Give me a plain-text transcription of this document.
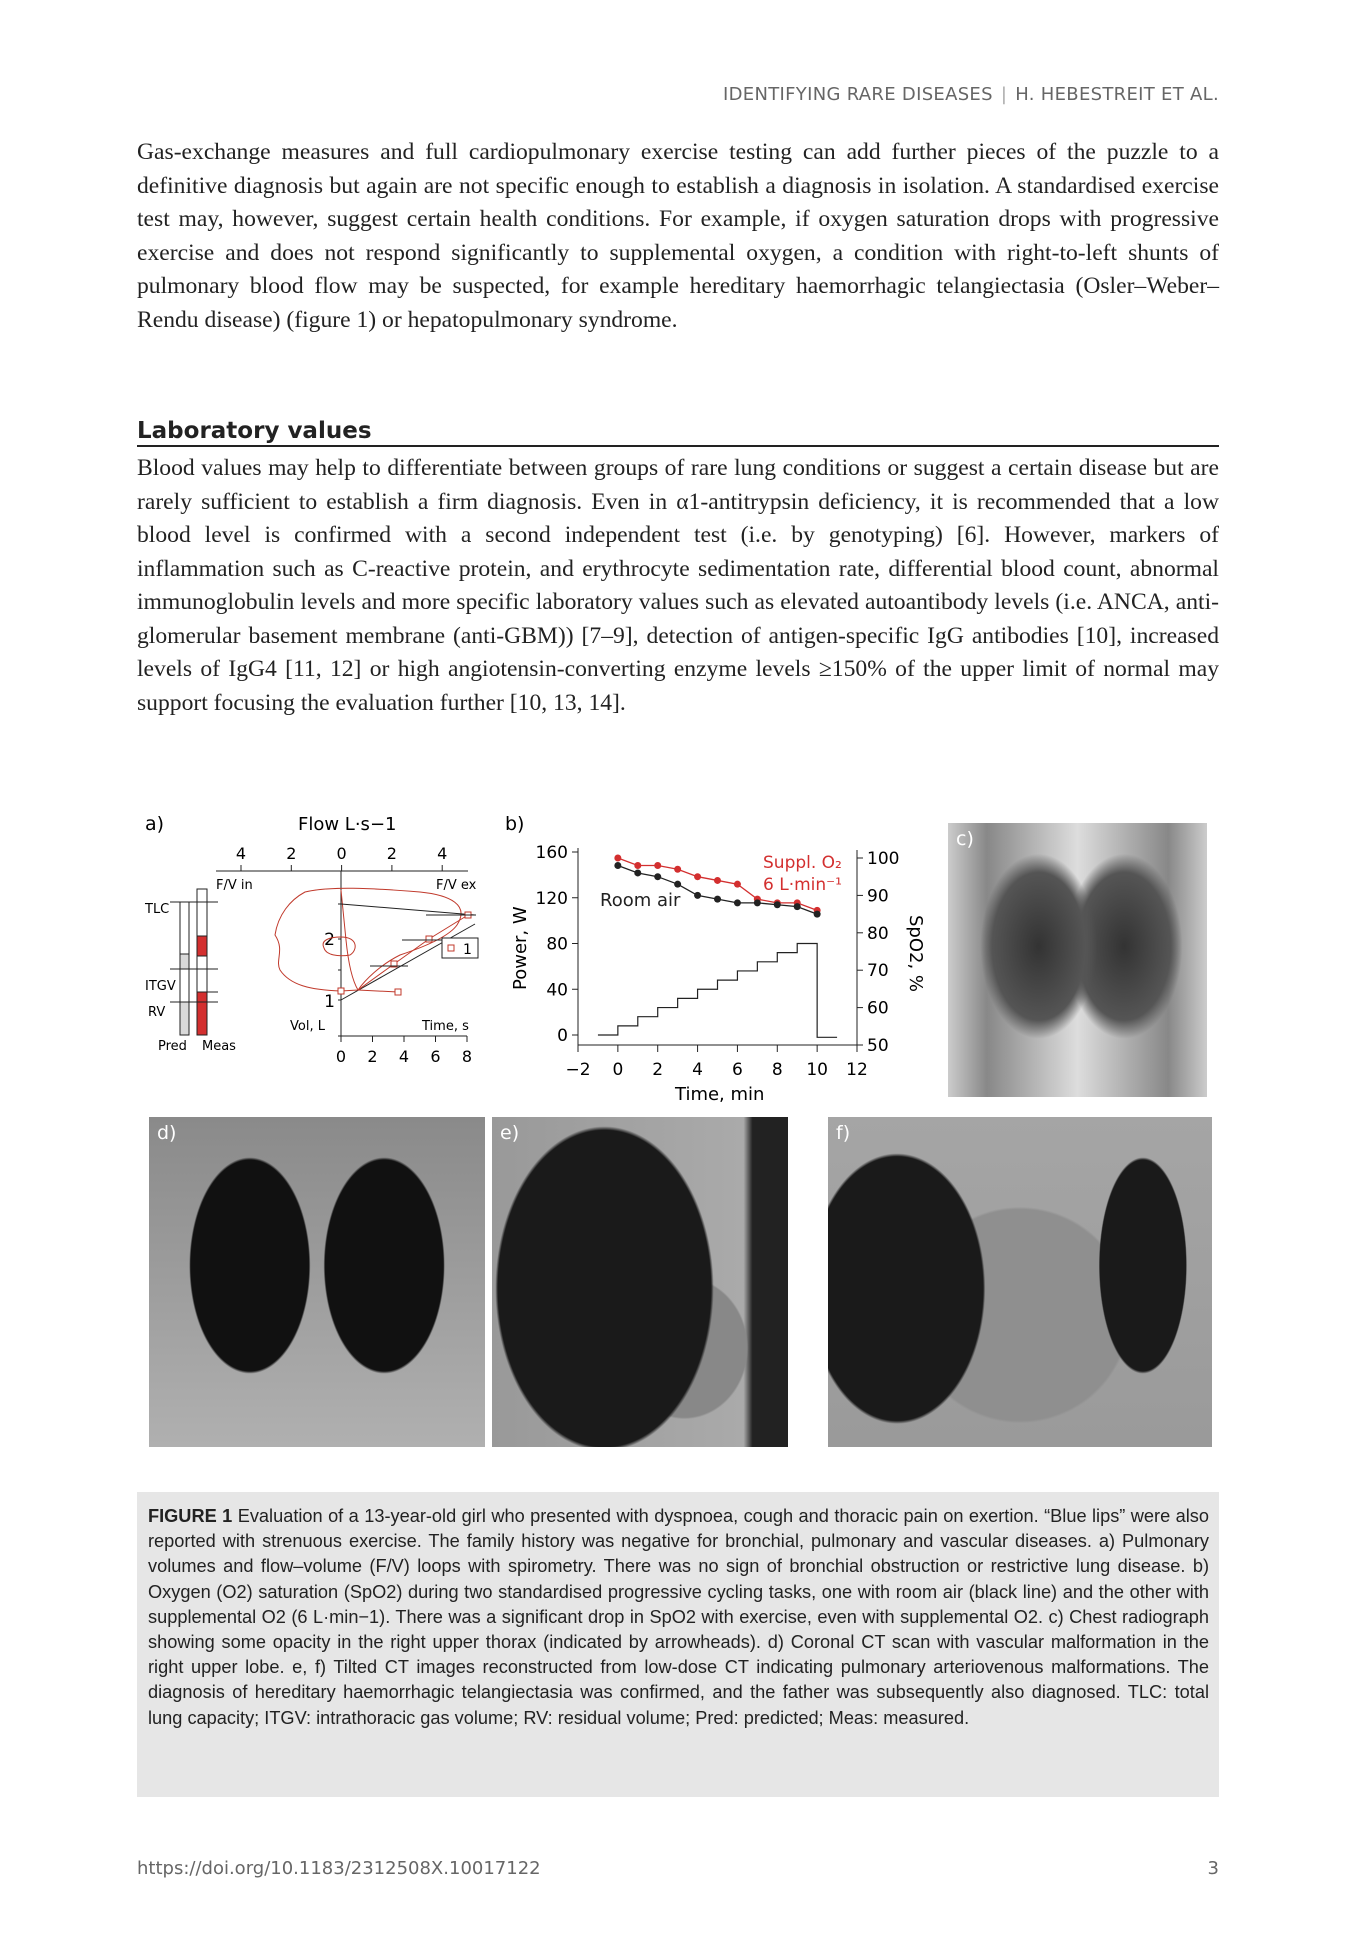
IDENTIFYING RARE DISEASES | H. HEBESTREIT ET AL.

Gas-exchange measures and full cardiopulmonary exercise testing can add further pieces of the puzzle to a definitive diagnosis but again are not specific enough to establish a diagnosis in isolation. A standardised exercise test may, however, suggest certain health conditions. For example, if oxygen saturation drops with progressive exercise and does not respond significantly to supplemental oxygen, a condition with right-to-left shunts of pulmonary blood flow may be suspected, for example hereditary haemorrhagic telangiectasia (Osler–Weber–Rendu disease) (figure 1) or hepatopulmonary syndrome.

Laboratory values

Blood values may help to differentiate between groups of rare lung conditions or suggest a certain disease but are rarely sufficient to establish a firm diagnosis. Even in α1-antitrypsin deficiency, it is recommended that a low blood level is confirmed with a second independent test (i.e. by genotyping) [6]. However, markers of inflammation such as C-reactive protein, and erythrocyte sedimentation rate, differential blood count, abnormal immunoglobulin levels and more specific laboratory values such as elevated autoantibody levels (i.e. ANCA, anti-glomerular basement membrane (anti-GBM)) [7–9], detection of antigen-specific IgG antibodies [10], increased levels of IgG4 [11, 12] or high angiotensin-converting enzyme levels ≥150% of the upper limit of normal may support focusing the evaluation further [10, 13, 14].

a)	Flow L·s−1
F/V in	F/V ex
Vol, L	Time, s
TLC
ITGV
RV
Pred Meas
4	2	0	2	4
2
1
0 2 4 6 8
1
b)
Time, min
Power, W	SpO2, %
Room air
Suppl. O₂ 6 L·min⁻¹
−2 0 2 4 6 8 10 12
0
40
80
120
160
50
60
70
80
90
100
c)
d)	e)	f)
FIGURE 1 Evaluation of a 13-year-old girl who presented with dyspnoea, cough and thoracic pain on exertion. “Blue lips” were also reported with strenuous exercise. The family history was negative for bronchial, pulmonary and vascular diseases. a) Pulmonary volumes and flow–volume (F/V) loops with spirometry. There was no sign of bronchial obstruction or restrictive lung disease. b) Oxygen (O2) saturation (SpO2) during two standardised progressive cycling tasks, one with room air (black line) and the other with supplemental O2 (6 L·min−1). There was a significant drop in SpO2 with exercise, even with supplemental O2. c) Chest radiograph showing some opacity in the right upper thorax (indicated by arrowheads). d) Coronal CT scan with vascular malformation in the right upper lobe. e, f) Tilted CT images reconstructed from low-dose CT indicating pulmonary arteriovenous malformations. The diagnosis of hereditary haemorrhagic telangiectasia was confirmed, and the father was subsequently also diagnosed. TLC: total lung capacity; ITGV: intrathoracic gas volume; RV: residual volume; Pred: predicted; Meas: measured.
https://doi.org/10.1183/2312508X.10017122	3
